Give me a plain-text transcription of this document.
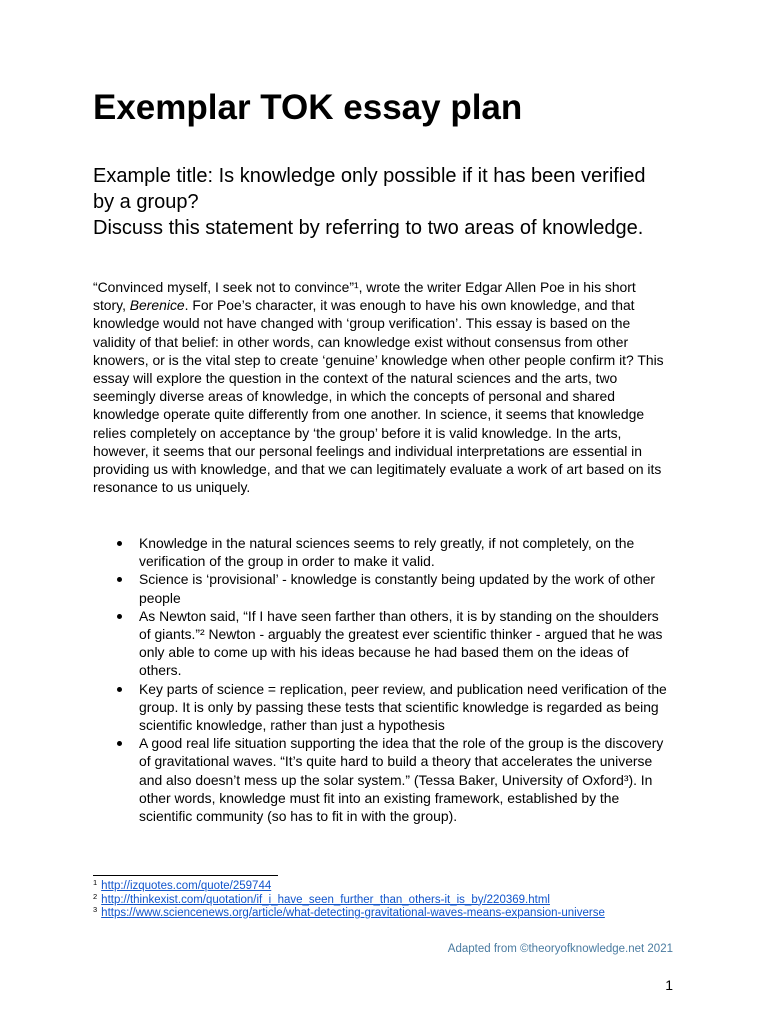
Exemplar TOK essay plan
Example title: Is knowledge only possible if it has been verified
by a group?
Discuss this statement by referring to two areas of knowledge.
“Convinced myself, I seek not to convince”¹, wrote the writer Edgar Allen Poe in his short
story, Berenice. For Poe’s character, it was enough to have his own knowledge, and that
knowledge would not have changed with ‘group verification’. This essay is based on the
validity of that belief: in other words, can knowledge exist without consensus from other
knowers, or is the vital step to create ‘genuine’ knowledge when other people confirm it? This
essay will explore the question in the context of the natural sciences and the arts, two
seemingly diverse areas of knowledge, in which the concepts of personal and shared
knowledge operate quite differently from one another. In science, it seems that knowledge
relies completely on acceptance by ‘the group’ before it is valid knowledge. In the arts,
however, it seems that our personal feelings and individual interpretations are essential in
providing us with knowledge, and that we can legitimately evaluate a work of art based on its
resonance to us uniquely.
Knowledge in the natural sciences seems to rely greatly, if not completely, on the
verification of the group in order to make it valid.
Science is ‘provisional’ - knowledge is constantly being updated by the work of other
people
As Newton said, “If I have seen farther than others, it is by standing on the shoulders
of giants.”² Newton - arguably the greatest ever scientific thinker - argued that he was
only able to come up with his ideas because he had based them on the ideas of
others.
Key parts of science = replication, peer review, and publication need verification of the
group. It is only by passing these tests that scientific knowledge is regarded as being
scientific knowledge, rather than just a hypothesis
A good real life situation supporting the idea that the role of the group is the discovery
of gravitational waves. “It’s quite hard to build a theory that accelerates the universe
and also doesn’t mess up the solar system.” (Tessa Baker, University of Oxford³). In
other words, knowledge must fit into an existing framework, established by the
scientific community (so has to fit in with the group).
$^1$ http://izquotes.com/quote/259744
$^2$ http://thinkexist.com/quotation/if_i_have_seen_further_than_others-it_is_by/220369.html
$^3$ https://www.sciencenews.org/article/what-detecting-gravitational-waves-means-expansion-universe
Adapted from ©theoryofknowledge.net 2021
1
